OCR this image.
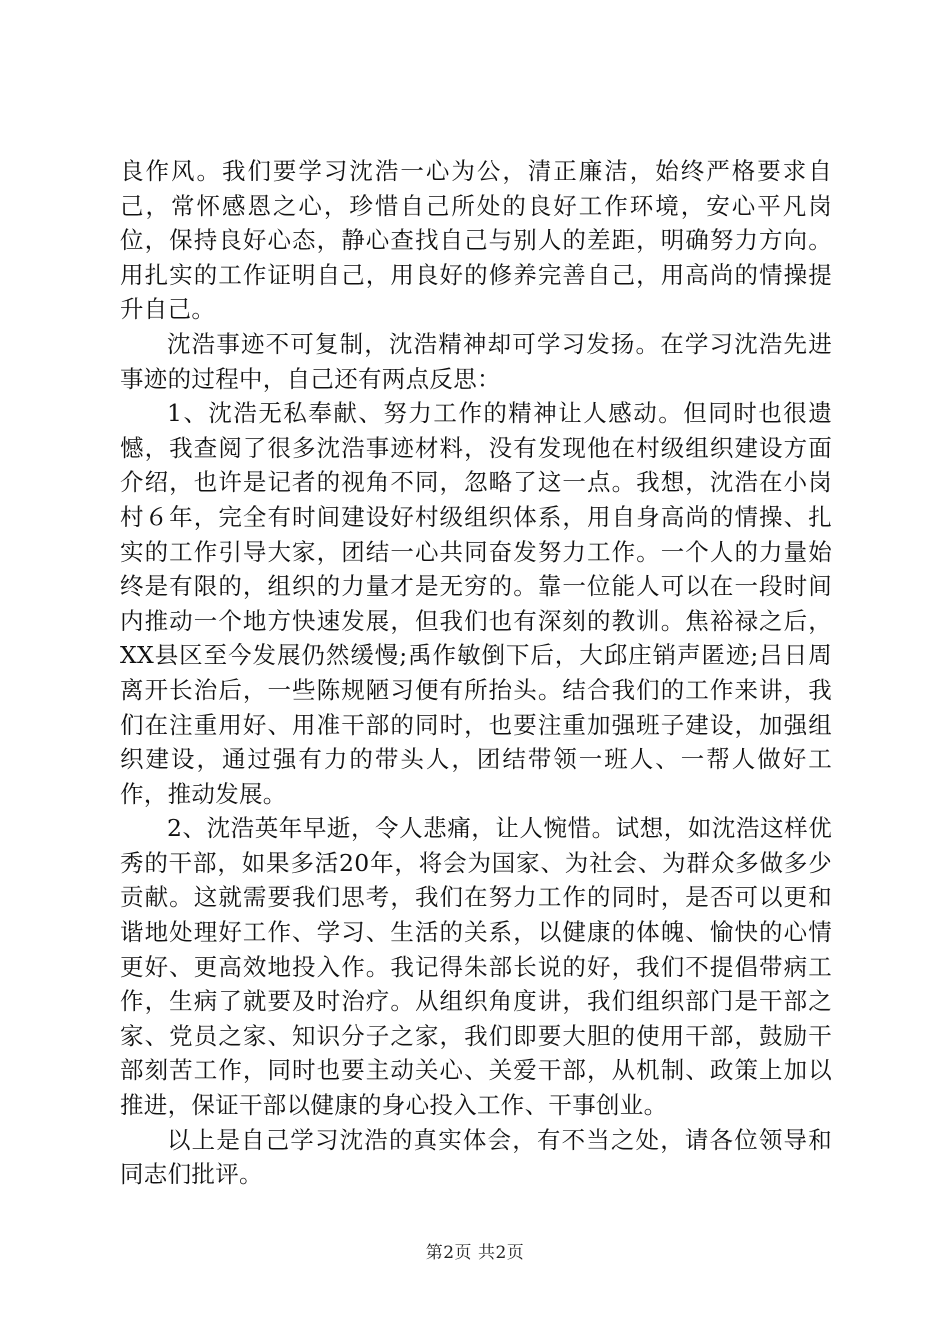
良作风。我们要学习沈浩一心为公，清正廉洁，始终严格要求自己，常怀感恩之心，珍惜自己所处的良好工作环境，安心平凡岗位，保持良好心态，静心查找自己与别人的差距，明确努力方向。用扎实的工作证明自己，用良好的修养完善自己，用高尚的情操提升自己。

沈浩事迹不可复制，沈浩精神却可学习发扬。在学习沈浩先进事迹的过程中，自己还有两点反思：

1、沈浩无私奉献、努力工作的精神让人感动。但同时也很遗憾，我查阅了很多沈浩事迹材料，没有发现他在村级组织建设方面介绍，也许是记者的视角不同，忽略了这一点。我想，沈浩在小岗村６年，完全有时间建设好村级组织体系，用自身高尚的情操、扎实的工作引导大家，团结一心共同奋发努力工作。一个人的力量始终是有限的，组织的力量才是无穷的。靠一位能人可以在一段时间内推动一个地方快速发展，但我们也有深刻的教训。焦裕禄之后，XX县区至今发展仍然缓慢;禹作敏倒下后，大邱庄销声匿迹;吕日周离开长治后，一些陈规陋习便有所抬头。结合我们的工作来讲，我们在注重用好、用准干部的同时，也要注重加强班子建设，加强组织建设，通过强有力的带头人，团结带领一班人、一帮人做好工作，推动发展。

2、沈浩英年早逝，令人悲痛，让人惋惜。试想，如沈浩这样优秀的干部，如果多活20年，将会为国家、为社会、为群众多做多少贡献。这就需要我们思考，我们在努力工作的同时，是否可以更和谐地处理好工作、学习、生活的关系，以健康的体魄、愉快的心情更好、更高效地投入作。我记得朱部长说的好，我们不提倡带病工作，生病了就要及时治疗。从组织角度讲，我们组织部门是干部之家、党员之家、知识分子之家，我们即要大胆的使用干部，鼓励干部刻苦工作，同时也要主动关心、关爱干部，从机制、政策上加以推进，保证干部以健康的身心投入工作、干事创业。

以上是自己学习沈浩的真实体会，有不当之处，请各位领导和同志们批评。

第2页 共2页
